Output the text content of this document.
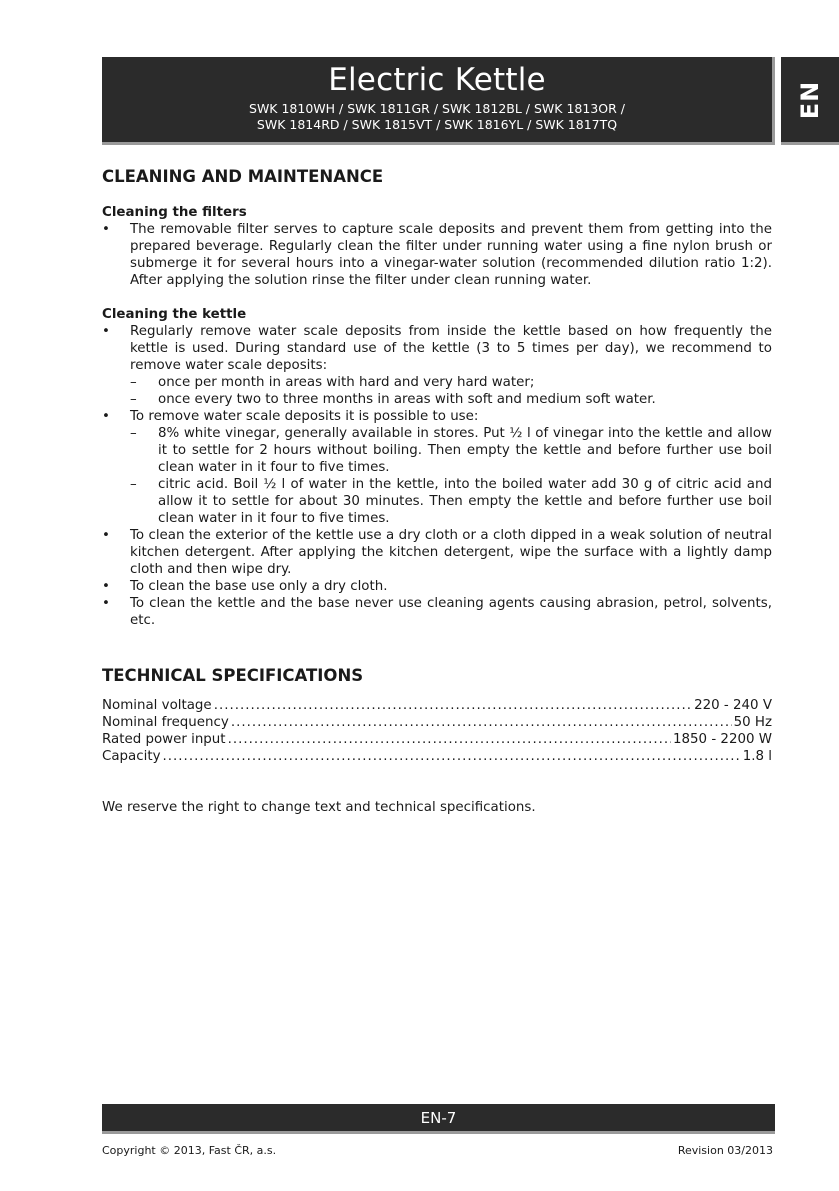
Electric Kettle
SWK 1810WH / SWK 1811GR / SWK 1812BL / SWK 1813OR /
SWK 1814RD / SWK 1815VT / SWK 1816YL / SWK 1817TQ
EN
CLEANING AND MAINTENANCE
Cleaning the filters
• The removable filter serves to capture scale deposits and prevent them from getting into the prepared beverage. Regularly clean the filter under running water using a fine nylon brush or submerge it for several hours into a vinegar-water solution (recommended dilution ratio 1:2). After applying the solution rinse the filter under clean running water.
Cleaning the kettle
• Regularly remove water scale deposits from inside the kettle based on how frequently the kettle is used. During standard use of the kettle (3 to 5 times per day), we recommend to remove water scale deposits:
– once per month in areas with hard and very hard water;
– once every two to three months in areas with soft and medium soft water.
• To remove water scale deposits it is possible to use:
– 8% white vinegar, generally available in stores. Put ½ l of vinegar into the kettle and allow it to settle for 2 hours without boiling. Then empty the kettle and before further use boil clean water in it four to five times.
– citric acid. Boil ½ l of water in the kettle, into the boiled water add 30 g of citric acid and allow it to settle for about 30 minutes. Then empty the kettle and before further use boil clean water in it four to five times.
• To clean the exterior of the kettle use a dry cloth or a cloth dipped in a weak solution of neutral kitchen detergent. After applying the kitchen detergent, wipe the surface with a lightly damp cloth and then wipe dry.
• To clean the base use only a dry cloth.
• To clean the kettle and the base never use cleaning agents causing abrasion, petrol, solvents, etc.
TECHNICAL SPECIFICATIONS
Nominal voltage .....	220 - 240 V
Nominal frequency .....	50 Hz
Rated power input .....	1850 - 2200 W
Capacity .....	1.8 l

We reserve the right to change text and technical specifications.

EN-7
Copyright © 2013, Fast ČR, a.s.	Revision 03/2013
